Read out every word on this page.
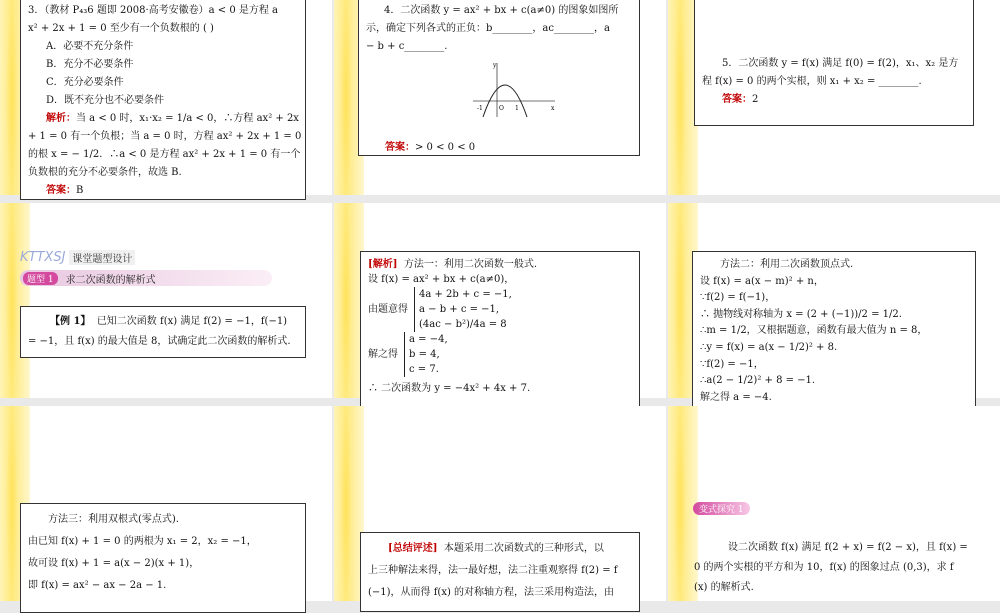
3．（教材 P₄₃6 题即 2008·高考安徽卷）a < 0 是方程 a
x² + 2x + 1 = 0 至少有一个负数根的 ( )
A．必要不充分条件
B．充分不必要条件
C．充分必要条件
D．既不充分也不必要条件
解析：当 a < 0 时，x₁·x₂ = 1/a < 0，∴方程 ax² + 2x
+ 1 = 0 有一个负根；当 a = 0 时，方程 ax² + 2x + 1 = 0
的根 x = − 1/2．∴a < 0 是方程 ax² + 2x + 1 = 0 有一个
负数根的充分不必要条件，故选 B.
答案：B
4．二次函数 y = ax² + bx + c(a≠0) 的图象如图所
示，确定下列各式的正负：b________，ac________，a
− b + c________.
y
x
-1	O 1
答案：> 0 < 0 < 0
5．二次函数 y = f(x) 满足 f(0) = f(2)，x₁、x₂ 是方
程 f(x) = 0 的两个实根，则 x₁ + x₂ = ________.
答案：2
KTTXSJ 课堂题型设计
题型 1	求二次函数的解析式
【例 1】 已知二次函数 f(x) 满足 f(2) = −1，f(−1)
= −1，且 f(x) 的最大值是 8，试确定此二次函数的解析式.
[解析] 方法一：利用二次函数一般式.
设 f(x) = ax² + bx + c(a≠0)，
由题意得
4a + 2b + c = −1,
a − b + c = −1,
(4ac − b²)/4a = 8
解之得
a = −4,
b = 4,
c = 7.
∴ 二次函数为 y = −4x² + 4x + 7.
方法二：利用二次函数顶点式.
设 f(x) = a(x − m)² + n，
∵f(2) = f(−1)，
∴ 抛物线对称轴为 x = (2 + (−1))/2 = 1/2.
∴m = 1/2，又根据题意，函数有最大值为 n = 8，
∴y = f(x) = a(x − 1/2)² + 8.
∵f(2) = −1，
∴a(2 − 1/2)² + 8 = −1.
解之得 a = −4.
方法三：利用双根式(零点式).
由已知 f(x) + 1 = 0 的两根为 x₁ = 2，x₂ = −1，
故可设 f(x) + 1 = a(x − 2)(x + 1)，
即 f(x) = ax² − ax − 2a − 1.
[总结评述] 本题采用二次函数式的三种形式，以
上三种解法来得，法一最好想，法二注重观察得 f(2) = f
(−1)，从而得 f(x) 的对称轴方程，法三采用构造法，由
变式探究 1
设二次函数 f(x) 满足 f(2 + x) = f(2 − x)，且 f(x) =
0 的两个实根的平方和为 10，f(x) 的图象过点 (0,3)，求 f
(x) 的解析式.
